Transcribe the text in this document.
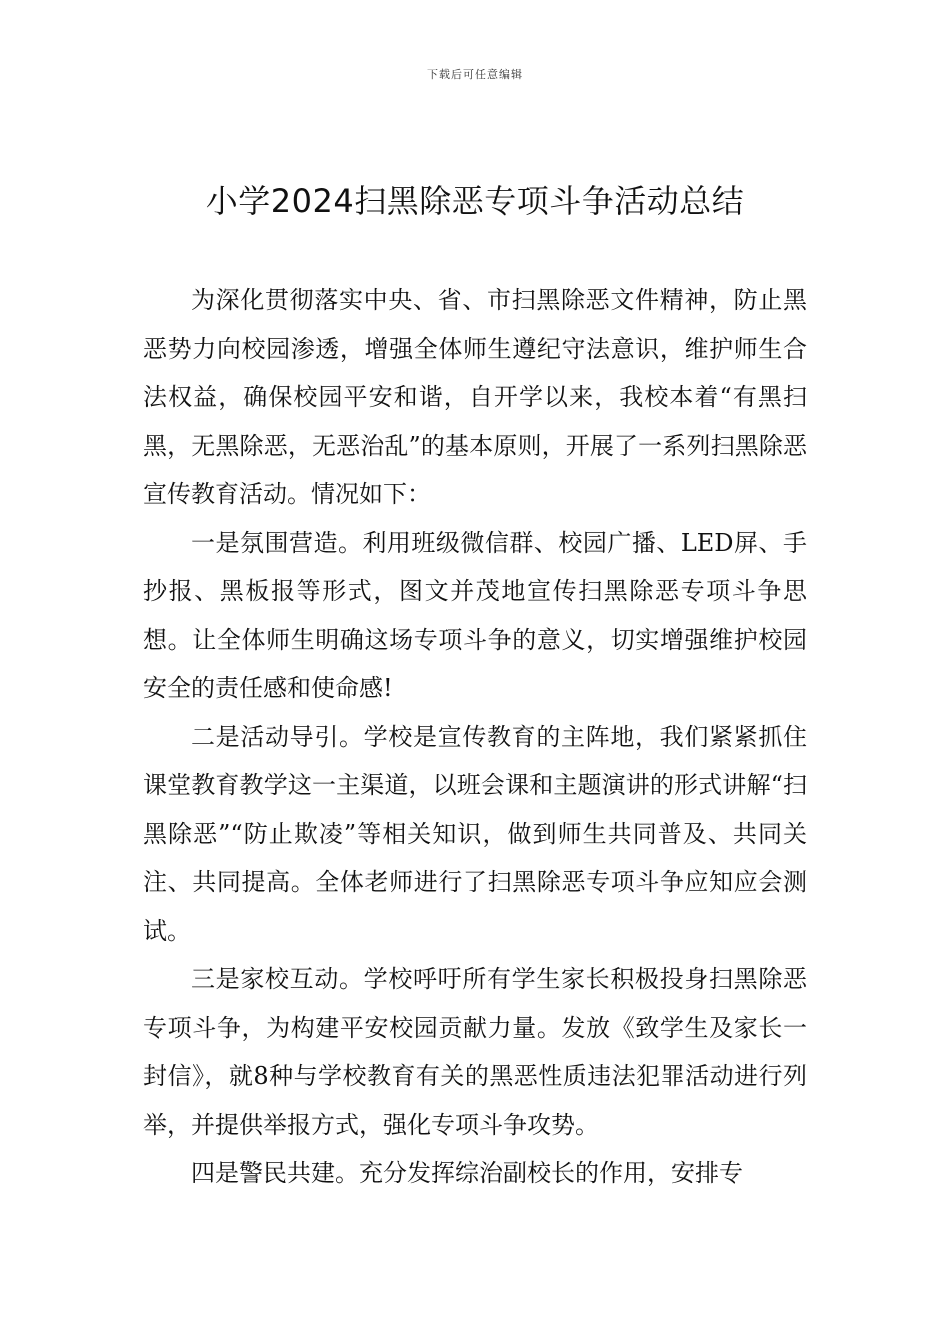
下载后可任意编辑
小学2024扫黑除恶专项斗争活动总结

为深化贯彻落实中央、省、市扫黑除恶文件精神，防止黑恶势力向校园渗透，增强全体师生遵纪守法意识，维护师生合法权益，确保校园平安和谐，自开学以来，我校本着“有黑扫黑，无黑除恶，无恶治乱”的基本原则，开展了一系列扫黑除恶宣传教育活动。情况如下：

一是氛围营造。利用班级微信群、校园广播、LED屏、手抄报、黑板报等形式，图文并茂地宣传扫黑除恶专项斗争思想。让全体师生明确这场专项斗争的意义，切实增强维护校园安全的责任感和使命感!

二是活动导引。学校是宣传教育的主阵地，我们紧紧抓住课堂教育教学这一主渠道，以班会课和主题演讲的形式讲解“扫黑除恶”“防止欺凌”等相关知识，做到师生共同普及、共同关注、共同提高。全体老师进行了扫黑除恶专项斗争应知应会测试。

三是家校互动。学校呼吁所有学生家长积极投身扫黑除恶专项斗争，为构建平安校园贡献力量。发放《致学生及家长一封信》，就8种与学校教育有关的黑恶性质违法犯罪活动进行列举，并提供举报方式，强化专项斗争攻势。

四是警民共建。充分发挥综治副校长的作用，安排专
